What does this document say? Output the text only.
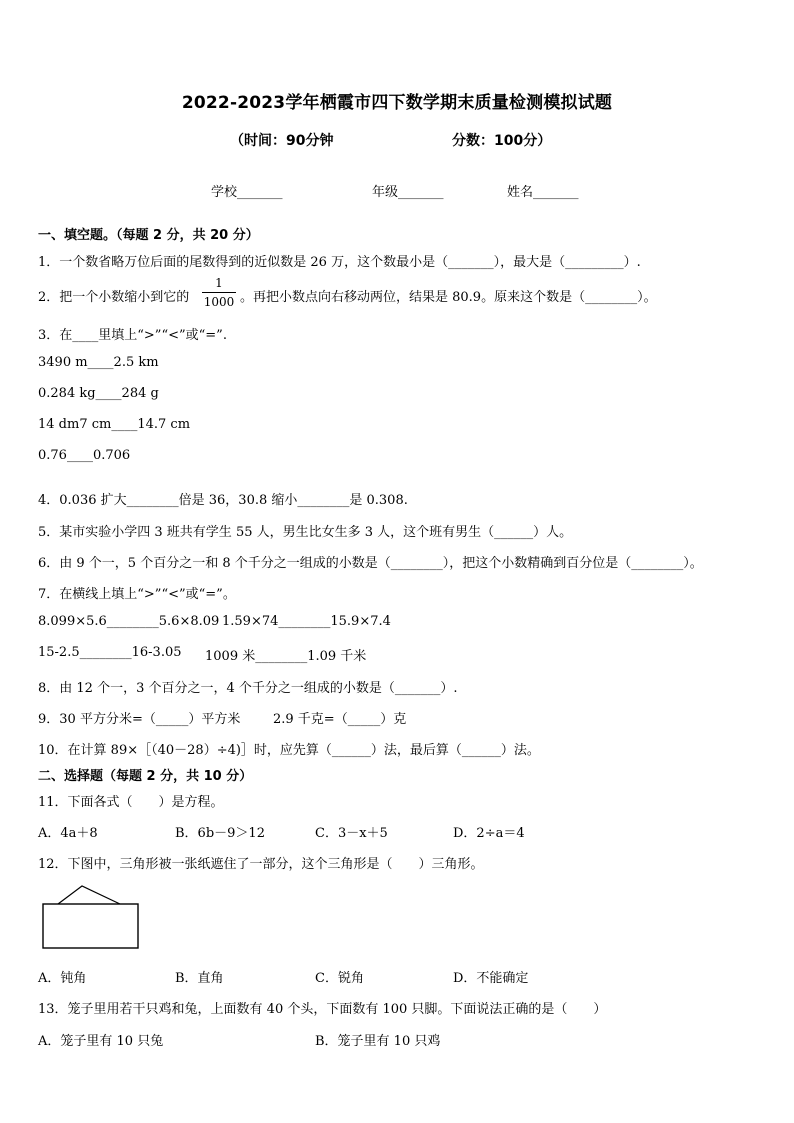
2022-2023学年栖霞市四下数学期末质量检测模拟试题
（时间：90分钟	分数：100分）
学校_______	年级_______	姓名_______
一、填空题。（每题 2 分，共 20 分）
1．一个数省略万位后面的尾数得到的近似数是 26 万，这个数最小是（_______），最大是（_________）.
2．把一个小数缩小到它的 $\frac{1}{1000}$ 。再把小数点向右移动两位，结果是 80.9。原来这个数是（________）。
3．在____里填上“>”“<”或“=”.
3490 m____2.5 km
0.284 kg____284 g
14 dm7 cm____14.7 cm
0.76____0.706
4．0.036 扩大________倍是 36，30.8 缩小________是 0.308.
5．某市实验小学四 3 班共有学生 55 人，男生比女生多 3 人，这个班有男生（______）人。
6．由 9 个一，5 个百分之一和 8 个千分之一组成的小数是（________），把这个小数精确到百分位是（________）。
7．在横线上填上“>”“<”或“=”。
8.099×5.6________5.6×8.09 1.59×74________15.9×7.4
15-2.5________16-3.05 1009 米________1.09 千米
8．由 12 个一，3 个百分之一，4 个千分之一组成的小数是（_______）.
9．30 平方分米=（_____）平方米	2.9 千克=（_____）克
10．在计算 89×［（40－28）÷4)］时，应先算（______）法，最后算（______）法。
二、选择题（每题 2 分，共 10 分）
11．下面各式（　　）是方程。
A．4a＋8	B．6b－9＞12	C．3－x＋5	D．2÷a＝4
12．下图中，三角形被一张纸遮住了一部分，这个三角形是（　　）三角形。
A．钝角	B．直角	C．锐角	D．不能确定
13．笼子里用若干只鸡和兔，上面数有 40 个头，下面数有 100 只脚。下面说法正确的是（　　）
A．笼子里有 10 只兔	B．笼子里有 10 只鸡
